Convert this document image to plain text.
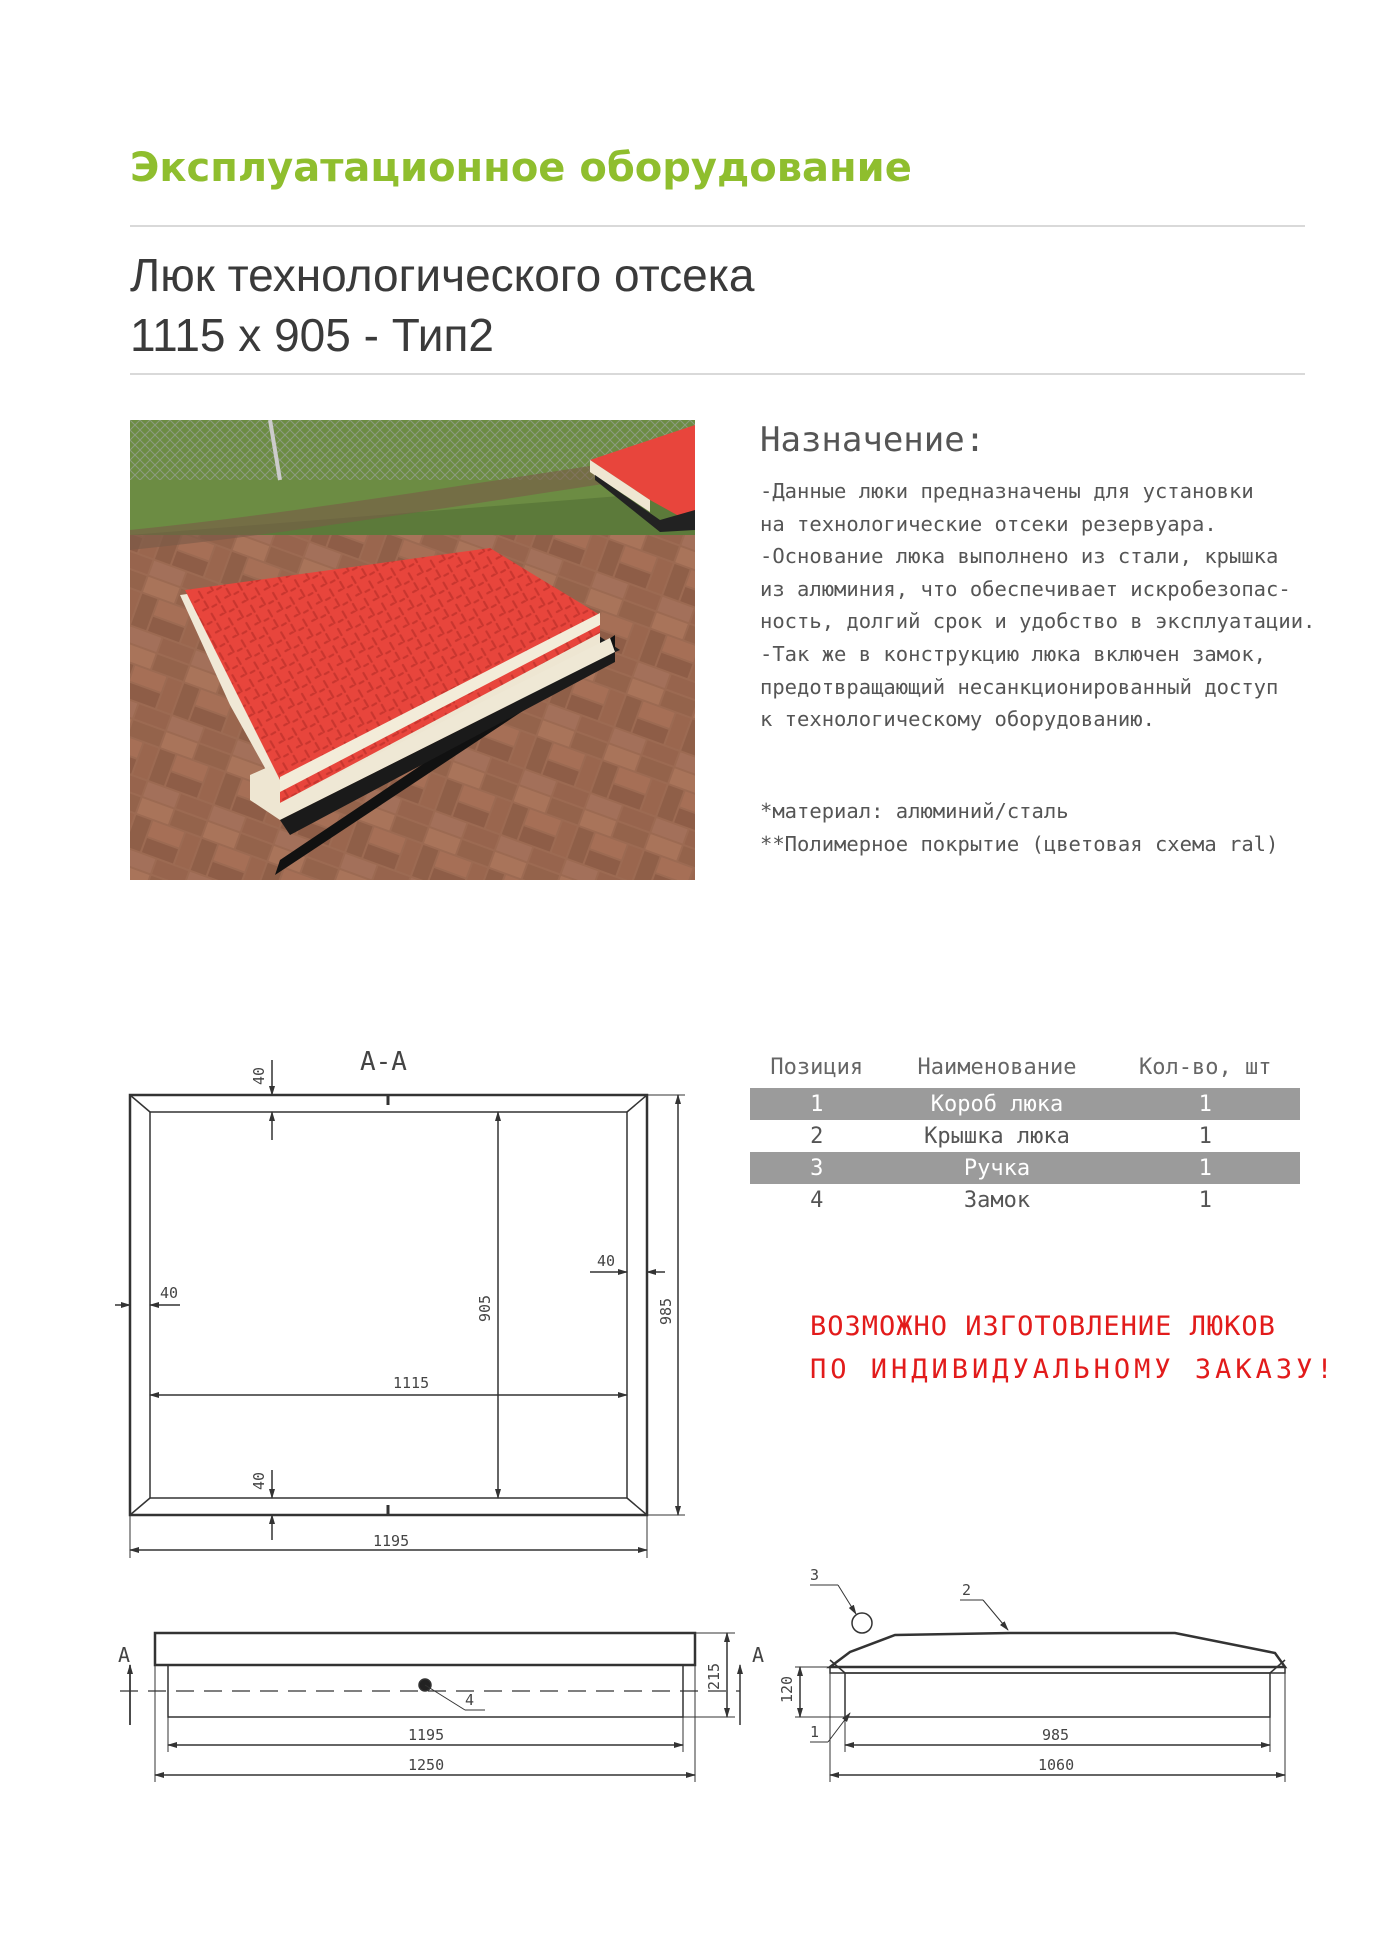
Эксплуатационное оборудование
Люк технологического отсека
1115 x 905 - Тип2
Назначение:
-Данные люки предназначены для установки
на технологические отсеки резервуара.
-Основание люка выполнено из стали, крышка
из алюминия, что обеспечивает искробезопас-
ность, долгий срок и удобство в эксплуатации.
-Так же в конструкцию люка включен замок,
предотвращающий несанкционированный доступ
к технологическому оборудованию.
*материал: алюминий/сталь
**Полимерное покрытие (цветовая схема ral)
Позиция	Наименование	Кол-во, шт
1	Короб люка	1
2	Крышка люка	1
3	Ручка	1
4	Замок	1
ВОЗМОЖНО ИЗГОТОВЛЕНИЕ ЛЮКОВ
ПО ИНДИВИДУАЛЬНОМУ ЗАКАЗУ!
A-A
40
40
40
40
905	985
1115
1195
A	A
4
215
1195
1250
3
2
1
120
985
1060
